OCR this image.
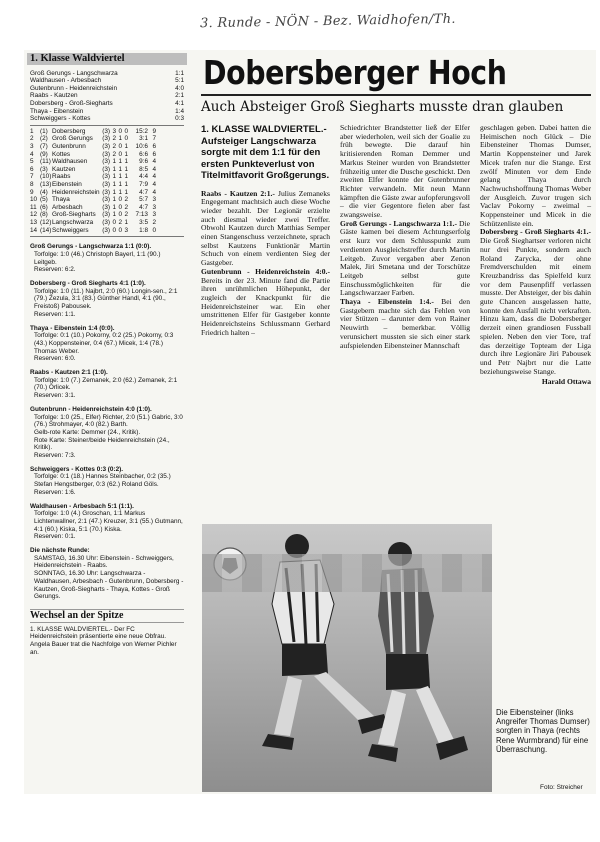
3. Runde - NÖN - Bez. Waidhofen/Th.
1. Klasse Waldviertel
Groß Gerungs - Langschwarza	1:1
Waldhausen - Arbesbach	5:1
Gutenbrunn - Heidenreichstein	4:0
Raabs - Kautzen	2:1
Dobersberg - Groß-Siegharts	4:1
Thaya - Eibenstein	1:4
Schweiggers - Kottes	0:3
1	(1) Dobersberg	(3) 3 0 0	15:2 9
2	(2) Groß Gerungs	(3) 2 1 0	3:1 7
3	(7) Gutenbrunn	(3) 2 0 1	10:6 6
4	(9) Kottes	(3) 2 0 1	6:6 6
5	(11) Waldhausen	(3) 1 1 1	9:6 4
6	(3) Kautzen	(3) 1 1 1	8:5 4
7	(10) Raabs	(3) 1 1 1	4:4 4
8	(13) Eibenstein	(3) 1 1 1	7:9 4
9	(4) Heidenreichstein (3) 1 1 1	4:7 4
10 (5) Thaya	(3) 1 0 2	5:7 3
11 (6) Arbesbach	(3) 1 0 2	4:7 3
12 (8) Groß-Siegharts	(3) 1 0 2	7:13 3
13 (12) Langschwarza	(3) 0 2 1	3:5 2
14 (14) Schweiggers	(3) 0 0 3	1:8 0
Groß Gerungs - Langschwarza 1:1 (0:0).
Torfolge: 1:0 (46.) Christoph Bayerl, 1:1 (90.) Leitgeb.
Reserven: 6:2.
Dobersberg - Groß Siegharts 4:1 (1:0).
Torfolge: 1:0 (11.) Najbrt, 2:0 (60.) Longin-sen., 2:1 (79.) Zezula, 3:1 (83.) Günther Handl, 4:1 (90., Freistoß) Pabousek.
Reserven: 1:1.
Thaya - Eibenstein 1:4 (0:0).
Torfolge: 0:1 (10.) Pokorny, 0:2 (25.) Pokorny, 0:3 (43.) Koppensteiner, 0:4 (67.) Micek, 1:4 (78.) Thomas Weber.
Reserven: 6:0.
Raabs - Kautzen 2:1 (1:0).
Torfolge: 1:0 (7.) Zemanek, 2:0 (62.) Zemanek, 2:1 (70.) Orlicek.
Reserven: 3:1.
Gutenbrunn - Heidenreichstein 4:0 (1:0).
Torfolge: 1:0 (25., Elfer) Richter, 2:0 (51.) Gabric, 3:0 (76.) Strohmayer, 4:0 (82.) Barth.
Gelb-rote Karte: Demmer (24., Kritik).
Rote Karte: Steiner/beide Heidenreichstein (24., Kritik).
Reserven: 7:3.
Schweiggers - Kottes 0:3 (0:2).
Torfolge: 0:1 (18.) Hannes Steinbacher, 0:2 (35.) Stefan Hengstberger, 0:3 (62.) Roland Göls.
Reserven: 1:6.
Waldhausen - Arbesbach 5:1 (1:1).
Torfolge: 1:0 (4.) Groschan, 1:1 Markus Lichtenwallner, 2:1 (47.) Kreuzer, 3:1 (55.) Gutmann, 4:1 (60.) Kiska, 5:1 (70.) Kiska.
Reserven: 0:1.
Die nächste Runde:
SAMSTAG, 16.30 Uhr: Eibenstein - Schweiggers, Heidenreichstein - Raabs.
SONNTAG, 16.30 Uhr: Langschwarza - Waldhausen, Arbesbach - Gutenbrunn, Dobersberg - Kautzen, Groß-Siegharts - Thaya, Kottes - Groß Gerungs.
Wechsel an der Spitze
1. KLASSE WALDVIERTEL.- Der FC Heidenreichstein präsentierte eine neue Obfrau. Angela Bauer trat die Nachfolge von Werner Pichler an.
Dobersberger Hoch
Auch Absteiger Groß Siegharts musste dran glauben
1. KLASSE WALDVIERTEL.- Aufsteiger Langschwarza sorgte mit dem 1:1 für den ersten Punkteverlust von Titelmitfavorit Großgerungs.

Raabs - Kautzen 2:1.- Julius Zemaneks Engegemant machtsich auch diese Woche wieder bezahlt. Der Legionär erzielte auch diesmal wieder zwei Treffer. Obwohl Kautzen durch Matthias Semper einen Stangenschuss verzeichnete, sprach selbst Kautzens Funktionär Martin Schuch von einem verdienten Sieg der Gastgeber.

Gutenbrunn - Heidenreichstein 4:0.- Bereits in der 23. Minute fand die Partie ihren unrühmlichen Höhepunkt, der zugleich der Knackpunkt für die Heidenreichsteiner war. Ein eher umstrittenen Elfer für Gastgeber konnte Heidenreichsteins Schlussmann Gerhard Friedrich halten –

Schiedrichter Brandstetter ließ der Elfer aber wiederholen, weil sich der Goalie zu früh bewegte. Die darauf hin kritisierenden Roman Demmer und Markus Steiner wurden von Brandstetter frühzeitig unter die Dusche geschickt. Den zweiten Elfer konnte der Gutenbrunner Richter verwandeln. Mit neun Mann kämpften die Gäste zwar aufopferungsvoll – die vier Gegentore fielen aber fast zwangsweise.

Groß Gerungs - Langschwarza 1:1.- Die Gäste kamen bei diesem Achtungserfolg erst kurz vor dem Schlusspunkt zum verdienten Ausgleichstreffer durch Martin Leitgeb. Zuvor vergaben aber Zenon Malek, Jiri Smetana und der Torschütze Leitgeb selbst gute Einschussmöglichkeiten für die Langschwarzaer Farben.

Thaya - Eibenstein 1:4.- Bei den Gastgebern machte sich das Fehlen von vier Stützen – darunter dem von Rainer Neuwirth – bemerkbar. Völlig verunsichert mussten sie sich einer stark aufspielenden Eibensteiner Mannschaft

geschlagen geben. Dabei hatten die Heimischen noch Glück – Die Eibensteiner Thomas Dumser, Martin Koppensteiner und Jarek Micek trafen nur die Stange. Erst zwölf Minuten vor dem Ende gelang Thaya durch Nachwuchshoffnung Thomas Weber der Ausgleich. Zuvor trugen sich Vaclav Pokorny – zweimal – Koppensteiner und Micek in die Schützenliste ein.

Dobersberg - Groß Siegharts 4:1.- Die Groß Sieghartser verloren nicht nur drei Punkte, sondern auch Roland Zarycka, der ohne Fremdverschulden mit einem Kreuzbandriss das Spielfeld kurz vor dem Pausenpfiff verlassen musste. Der Absteiger, der bis dahin gute Chancen ausgelassen hatte, konnte den Ausfall nicht verkraften. Hinzu kam, dass die Dobersberger derzeit einen grandiosen Fussball spielen. Neben den vier Tore, traf das derzeitige Topteam der Liga durch ihre Legionäre Jiri Pabousek und Petr Najbrt nur die Latte beziehungsweise Stange.

Harald Ottawa
Die Eibensteiner (links Angreifer Thomas Dumser) sorgten in Thaya (rechts Rene Wurmbrand) für eine Überraschung.
Foto: Streicher
